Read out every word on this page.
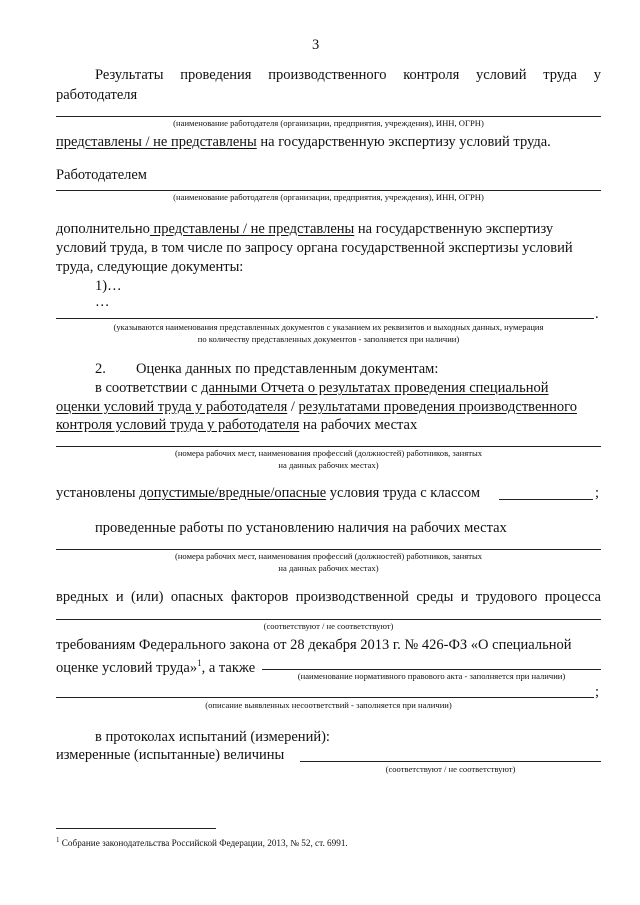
3
Результаты проведения производственного контроля условий труда у
работодателя
(наименование работодателя (организации, предприятия, учреждения), ИНН, ОГРН)
представлены / не представлены на государственную экспертизу условий труда.
Работодателем
(наименование работодателя (организации, предприятия, учреждения), ИНН, ОГРН)
дополнительно представлены / не представлены на государственную экспертизу
условий труда, в том числе по запросу органа государственной экспертизы условий
труда, следующие документы:
1)…
…
.
(указываются наименования представленных документов с указанием их реквизитов и выходных данных, нумерация
по количеству представленных документов - заполняется при наличии)
2. Оценка данных по представленным документам:
в соответствии с данными Отчета о результатах проведения специальной
оценки условий труда у работодателя / результатами проведения производственного
контроля условий труда у работодателя на рабочих местах
(номера рабочих мест, наименования профессий (должностей) работников, занятых
на данных рабочих местах)
установлены допустимые/вредные/опасные условия труда с классом	;
проведенные работы по установлению наличия на рабочих местах
(номера рабочих мест, наименования профессий (должностей) работников, занятых
на данных рабочих местах)
вредных и (или) опасных факторов производственной среды и трудового процесса
(соответствуют / не соответствуют)
требованиям Федерального закона от 28 декабря 2013 г. № 426-ФЗ «О специальной
оценке условий труда»$^1$, а также
(наименование нормативного правового акта - заполняется при наличии)
;
(описание выявленных несоответствий - заполняется при наличии)
в протоколах испытаний (измерений):
измеренные (испытанные) величины
(соответствуют / не соответствуют)
$^1$ Собрание законодательства Российской Федерации, 2013, № 52, ст. 6991.
